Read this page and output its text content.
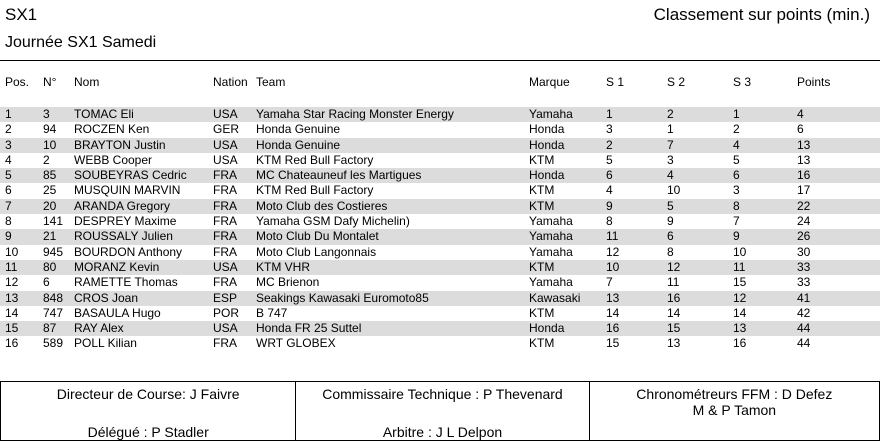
SX1	Classement sur points (min.)
Journée SX1 Samedi
Pos. N° Nom	Nation Team	Marque	S 1	S 2	S 3	Points
1	3 TOMAC Eli	USA Yamaha Star Racing Monster Energy	Yamaha	1	2	1	4
2	94 ROCZEN Ken	GER Honda Genuine	Honda	3	1	2	6
3	10 BRAYTON Justin	USA Honda Genuine	Honda	2	7	4	13
4	2 WEBB Cooper	USA KTM Red Bull Factory	KTM	5	3	5	13
5	85 SOUBEYRAS Cedric FRA MC Chateauneuf les Martigues	Honda	6	4	6	16
6	25 MUSQUIN MARVIN	FRA KTM Red Bull Factory	KTM	4	10	3	17
7	20 ARANDA Gregory	FRA Moto Club des Costieres	KTM	9	5	8	22
8	141 DESPREY Maxime	FRA Yamaha GSM Dafy Michelin)	Yamaha	8	9	7	24
9	21 ROUSSALY Julien	FRA Moto Club Du Montalet	Yamaha	11	6	9	26
10 945 BOURDON Anthony	FRA Moto Club Langonnais	Yamaha	12	8	10	30
11 80 MORANZ Kevin	USA KTM VHR	KTM	10	12	11	33
12 6 RAMETTE Thomas	FRA MC Brienon	Yamaha	7	11	15	33
13 848 CROS Joan	ESP Seakings Kawasaki Euromoto85	Kawasaki 13	16	12	41
14 747 BASAULA Hugo	POR B 747	KTM	14	14	14	42
15 87 RAY Alex	USA Honda FR 25 Suttel	Honda	16	15	13	44
16 589 POLL Kilian	FRA WRT GLOBEX	KTM	15	13	16	44
Directeur de Course: J Faivre
Délégué : P Stadler
Commissaire Technique : P Thevenard
Arbitre : J L Delpon
Chronométreurs FFM : D Defez
M & P Tamon
